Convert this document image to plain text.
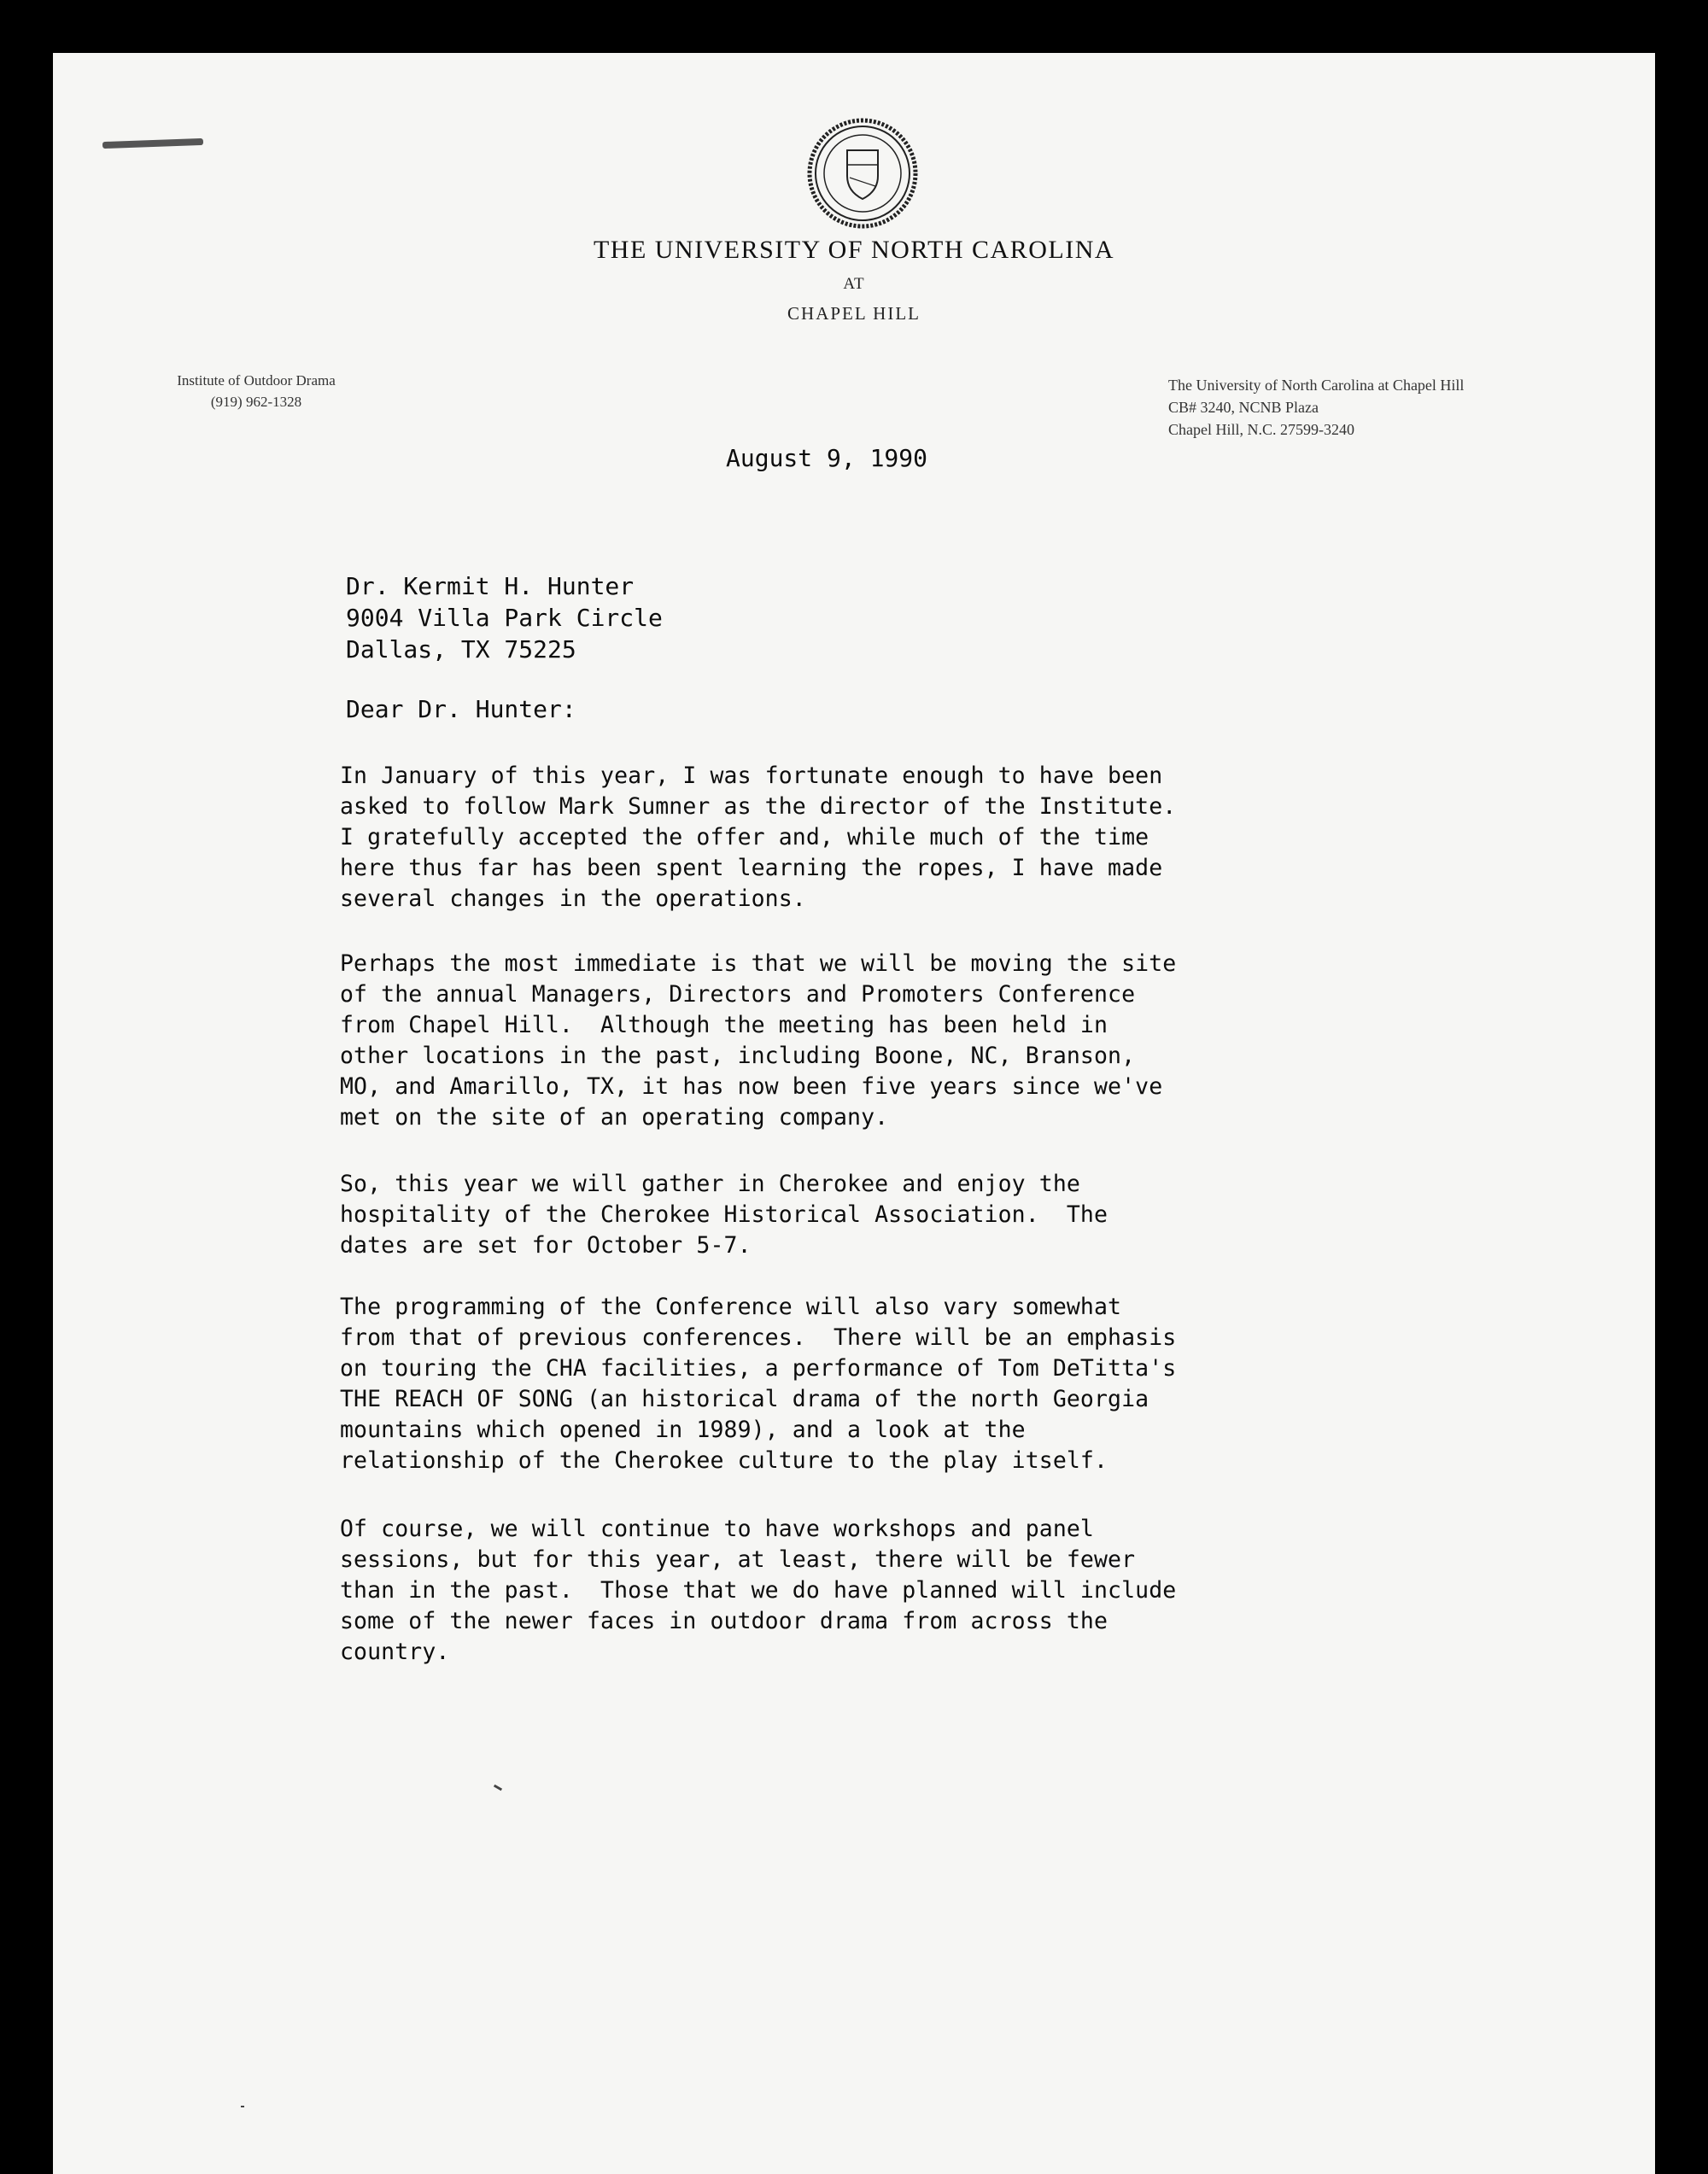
THE UNIVERSITY OF NORTH CAROLINA
AT
CHAPEL HILL
Institute of Outdoor Drama
(919) 962-1328
The University of North Carolina at Chapel Hill
CB# 3240, NCNB Plaza
Chapel Hill, N.C. 27599-3240

August 9, 1990
Dr. Kermit H. Hunter
9004 Villa Park Circle
Dallas, TX 75225
Dear Dr. Hunter:
In January of this year, I was fortunate enough to have been
asked to follow Mark Sumner as the director of the Institute.
I gratefully accepted the offer and, while much of the time
here thus far has been spent learning the ropes, I have made
several changes in the operations.
Perhaps the most immediate is that we will be moving the site
of the annual Managers, Directors and Promoters Conference
from Chapel Hill.  Although the meeting has been held in
other locations in the past, including Boone, NC, Branson,
MO, and Amarillo, TX, it has now been five years since we've
met on the site of an operating company.
So, this year we will gather in Cherokee and enjoy the
hospitality of the Cherokee Historical Association.  The
dates are set for October 5-7.
The programming of the Conference will also vary somewhat
from that of previous conferences.  There will be an emphasis
on touring the CHA facilities, a performance of Tom DeTitta's
THE REACH OF SONG (an historical drama of the north Georgia
mountains which opened in 1989), and a look at the
relationship of the Cherokee culture to the play itself.
Of course, we will continue to have workshops and panel
sessions, but for this year, at least, there will be fewer
than in the past.  Those that we do have planned will include
some of the newer faces in outdoor drama from across the
country.
